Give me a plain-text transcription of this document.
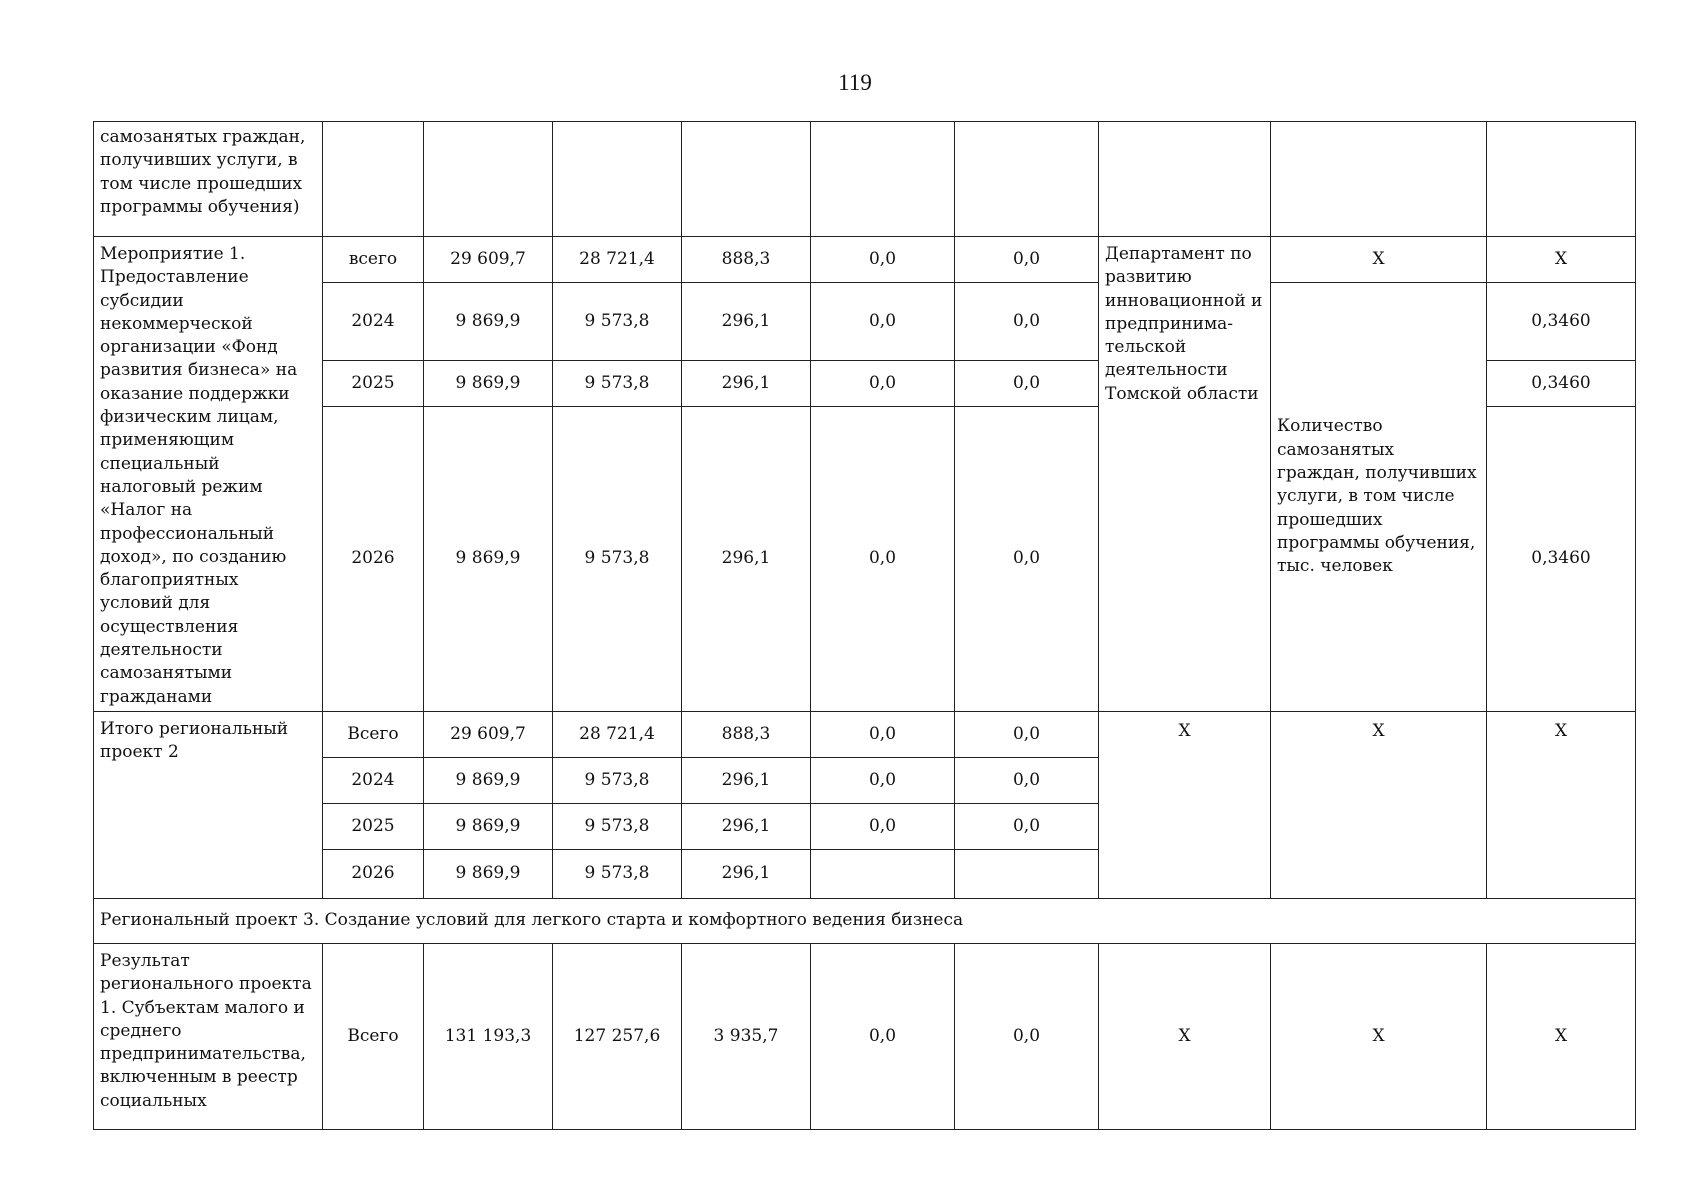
119
самозанятых граждан, получивших услуги, в том числе прошедших программы обучения)									
Мероприятие 1. Предоставление субсидии некоммерческой организации «Фонд развития бизнеса» на оказание поддержки физическим лицам, применяющим специальный налоговый режим «Налог на профессиональный доход», по созданию благоприятных условий для осуществления деятельности самозанятыми гражданами	всего	29 609,7	28 721,4	888,3	0,0	0,0	Департамент по развитию инновационной и предпринима-тельской деятельности Томской области	Х	Х
	2024	9 869,9	9 573,8	296,1	0,0	0,0		Количество самозанятых граждан, получивших услуги, в том числе прошедших программы обучения, тыс. человек	0,3460
	2025	9 869,9	9 573,8	296,1	0,0	0,0			0,3460
	2026	9 869,9	9 573,8	296,1	0,0	0,0			0,3460
Итого региональный проект 2	Всего	29 609,7	28 721,4	888,3	0,0	0,0	Х	Х	Х
	2024	9 869,9	9 573,8	296,1	0,0	0,0			
	2025	9 869,9	9 573,8	296,1	0,0	0,0			
	2026	9 869,9	9 573,8	296,1					
Региональный проект 3. Создание условий для легкого старта и комфортного ведения бизнеса									
Результат регионального проекта 1. Субъектам малого и среднего предпринимательства, включенным в реестр социальных	Всего	131 193,3	127 257,6	3 935,7	0,0	0,0	Х	Х	Х
